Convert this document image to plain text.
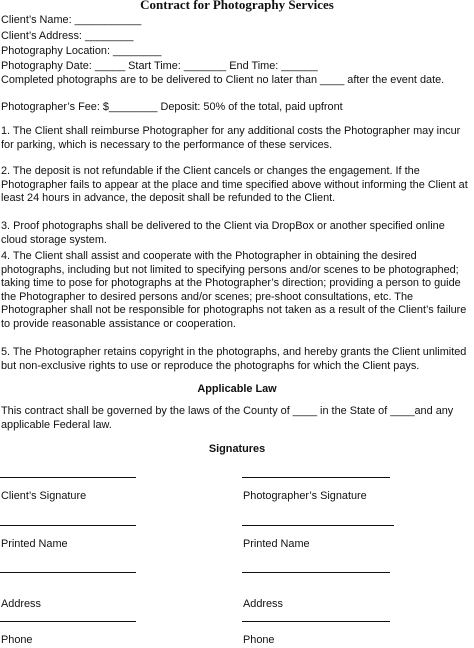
Contract for Photography Services
Client’s Name: ___________
Client’s Address: ________
Photography Location: ________
Photography Date: _____ Start Time: _______ End Time: ______
Completed photographs are to be delivered to Client no later than ____ after the event date.
Photographer’s Fee: $________ Deposit: 50% of the total, paid upfront
1. The Client shall reimburse Photographer for any additional costs the Photographer may incur for parking, which is necessary to the performance of these services.
2. The deposit is not refundable if the Client cancels or changes the engagement. If the Photographer fails to appear at the place and time specified above without informing the Client at least 24 hours in advance, the deposit shall be refunded to the Client.
3. Proof photographs shall be delivered to the Client via DropBox or another specified online cloud storage system.
4. The Client shall assist and cooperate with the Photographer in obtaining the desired photographs, including but not limited to specifying persons and/or scenes to be photographed; taking time to pose for photographs at the Photographer’s direction; providing a person to guide the Photographer to desired persons and/or scenes; pre-shoot consultations, etc. The Photographer shall not be responsible for photographs not taken as a result of the Client’s failure to provide reasonable assistance or cooperation.
5. The Photographer retains copyright in the photographs, and hereby grants the Client unlimited but non-exclusive rights to use or reproduce the photographs for which the Client pays.
Applicable Law
This contract shall be governed by the laws of the County of ____ in the State of ____and any applicable Federal law.
Signatures
Client’s Signature
Printed Name
Address
Phone
Photographer’s Signature
Printed Name
Address
Phone
